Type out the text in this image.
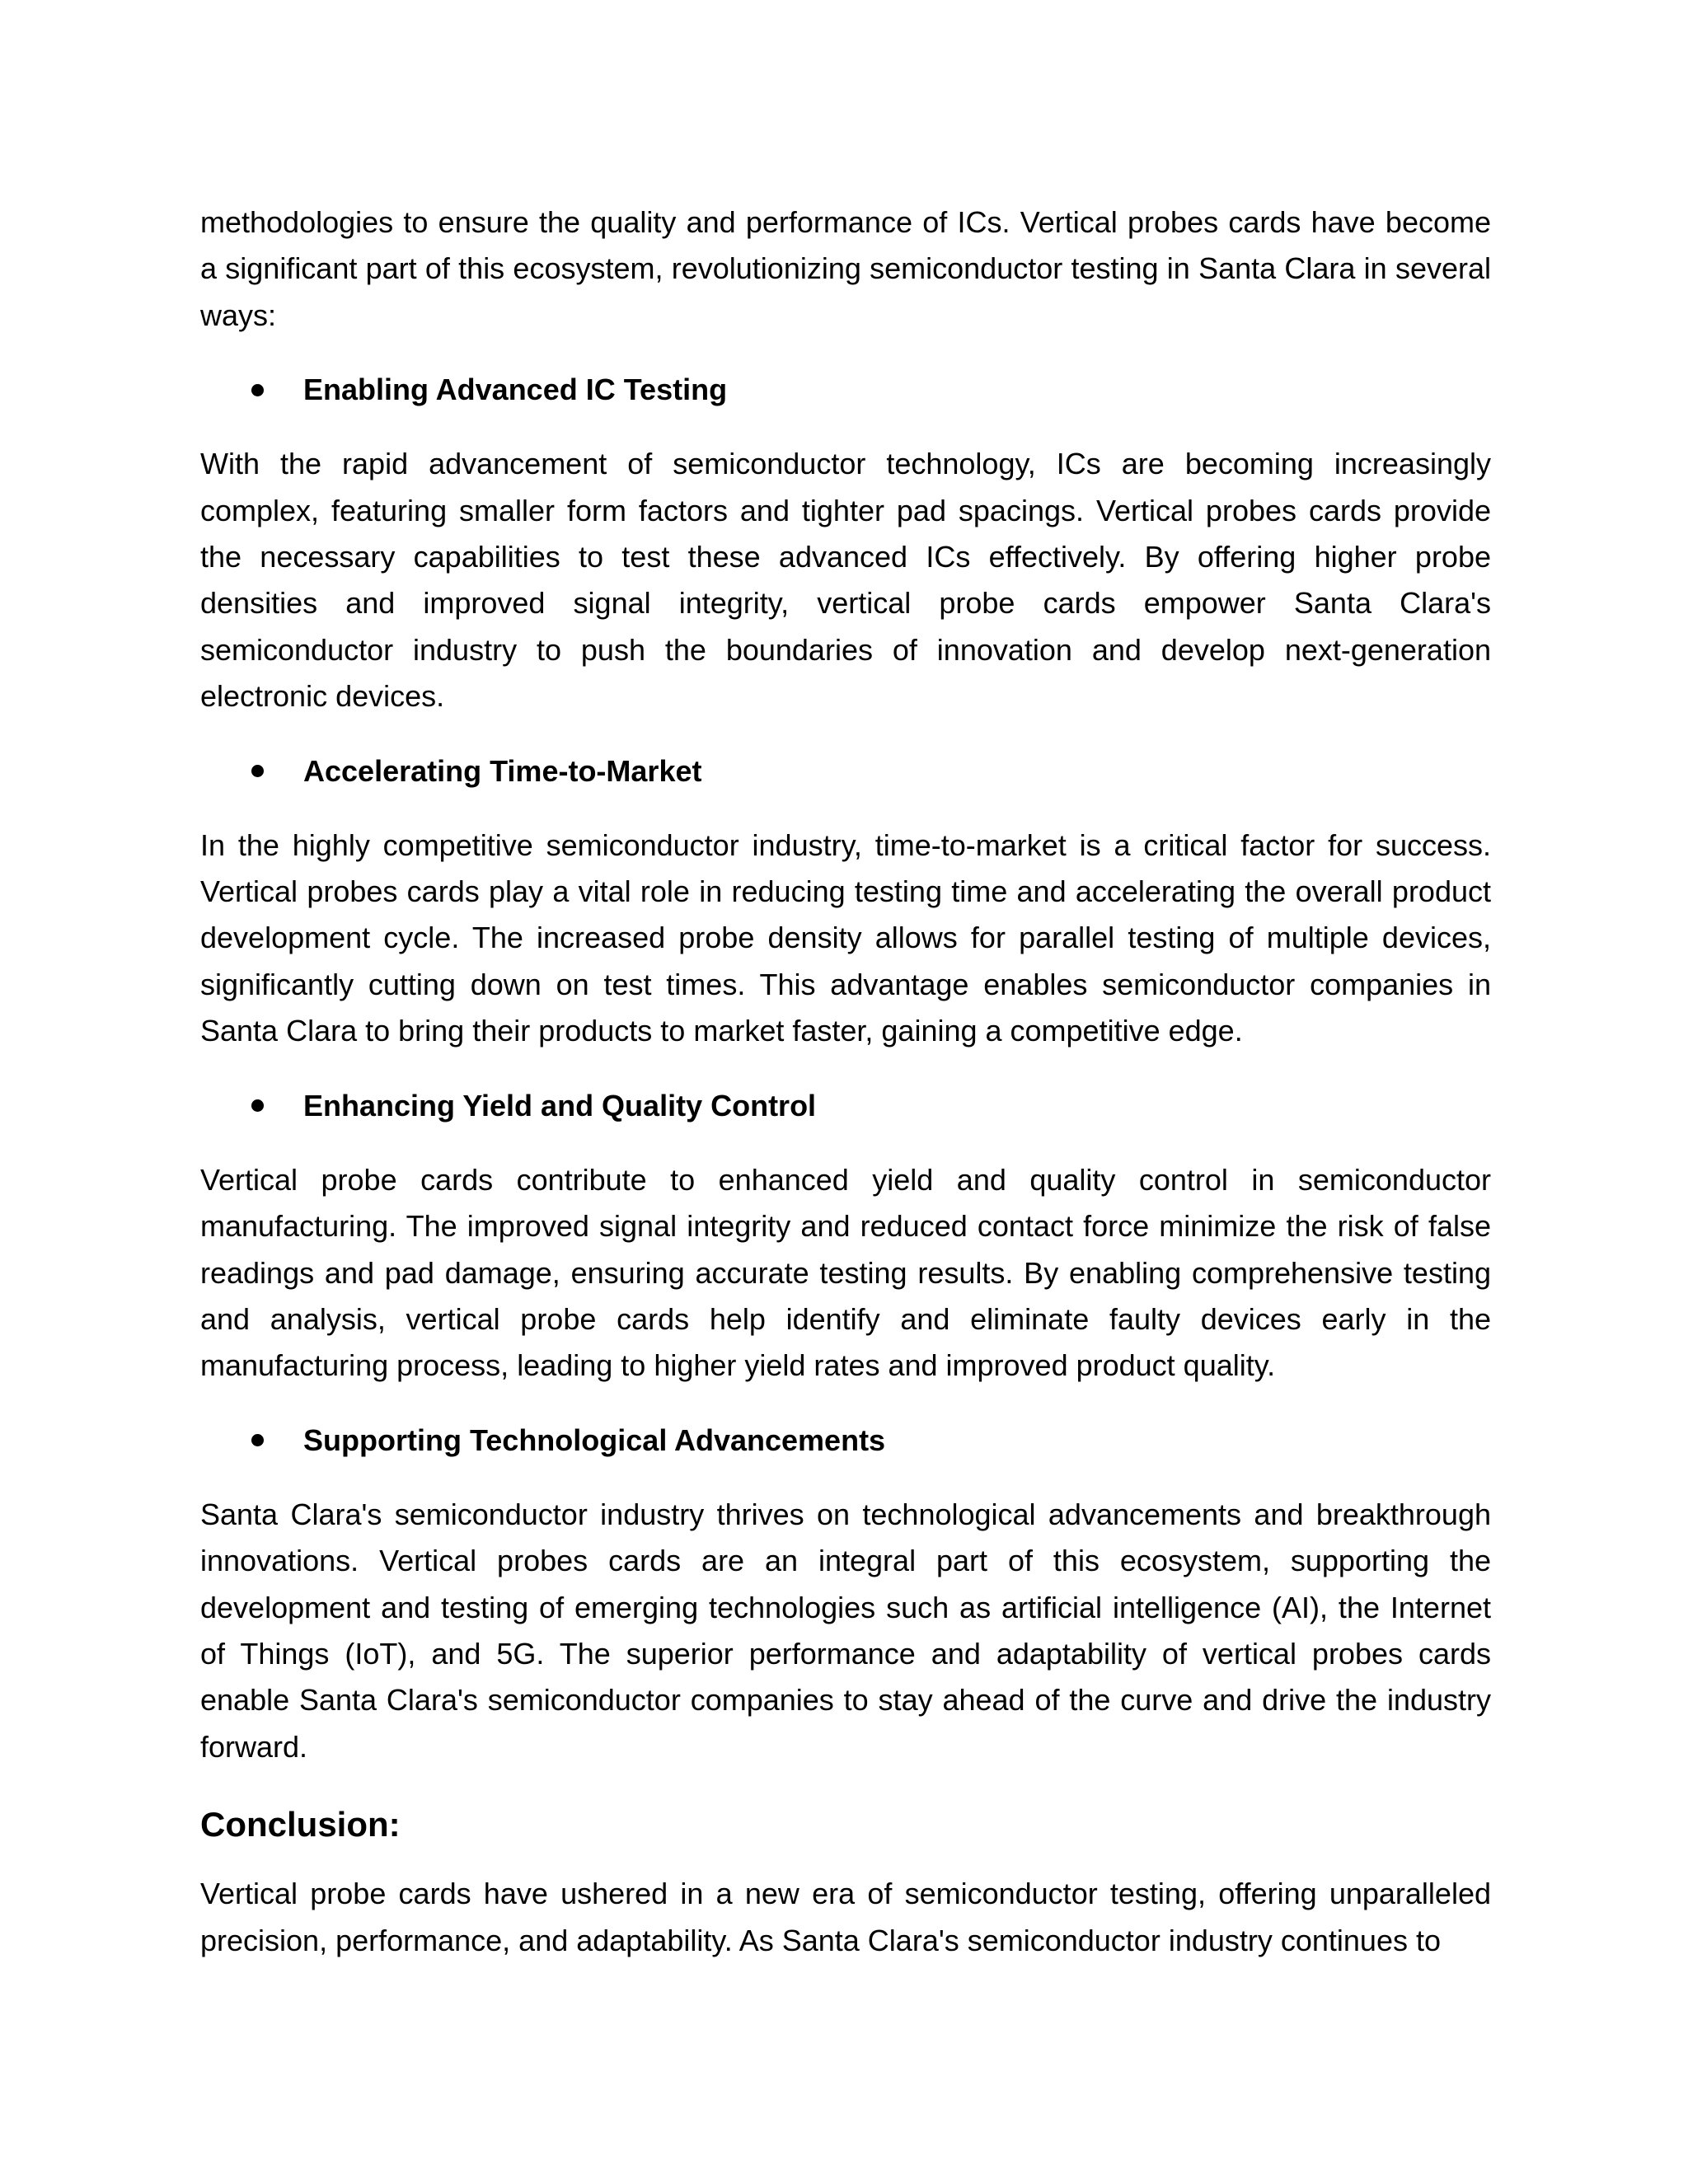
methodologies to ensure the quality and performance of ICs. Vertical probes cards have become a significant part of this ecosystem, revolutionizing semiconductor testing in Santa Clara in several ways:

Enabling Advanced IC Testing

With the rapid advancement of semiconductor technology, ICs are becoming increasingly complex, featuring smaller form factors and tighter pad spacings. Vertical probes cards provide the necessary capabilities to test these advanced ICs effectively. By offering higher probe densities and improved signal integrity, vertical probe cards empower Santa Clara's semiconductor industry to push the boundaries of innovation and develop next-generation electronic devices.

Accelerating Time-to-Market

In the highly competitive semiconductor industry, time-to-market is a critical factor for success. Vertical probes cards play a vital role in reducing testing time and accelerating the overall product development cycle. The increased probe density allows for parallel testing of multiple devices, significantly cutting down on test times. This advantage enables semiconductor companies in Santa Clara to bring their products to market faster, gaining a competitive edge.

Enhancing Yield and Quality Control

Vertical probe cards contribute to enhanced yield and quality control in semiconductor manufacturing. The improved signal integrity and reduced contact force minimize the risk of false readings and pad damage, ensuring accurate testing results. By enabling comprehensive testing and analysis, vertical probe cards help identify and eliminate faulty devices early in the manufacturing process, leading to higher yield rates and improved product quality.

Supporting Technological Advancements

Santa Clara's semiconductor industry thrives on technological advancements and breakthrough innovations. Vertical probes cards are an integral part of this ecosystem, supporting the development and testing of emerging technologies such as artificial intelligence (AI), the Internet of Things (IoT), and 5G. The superior performance and adaptability of vertical probes cards enable Santa Clara's semiconductor companies to stay ahead of the curve and drive the industry forward.

Conclusion:

Vertical probe cards have ushered in a new era of semiconductor testing, offering unparalleled precision, performance, and adaptability. As Santa Clara's semiconductor industry continues to
